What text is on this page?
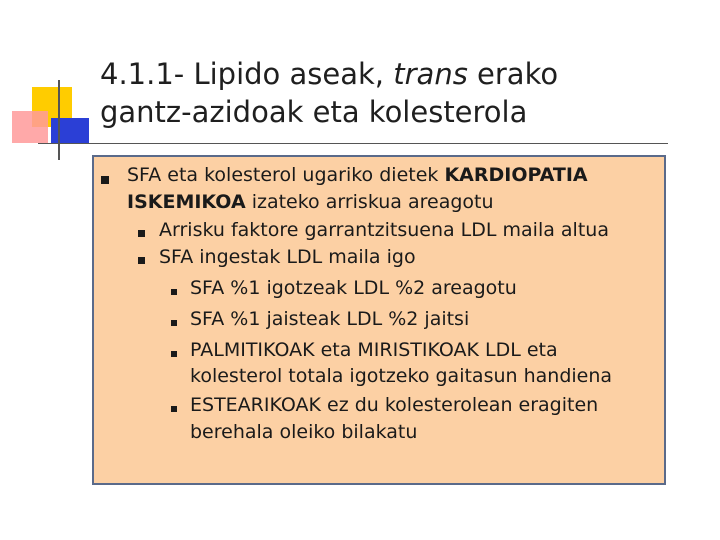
4.1.1- Lipido aseak, trans erako
gantz-azidoak eta kolesterola

SFA eta kolesterol ugariko dietek KARDIOPATIA

ISKEMIKOA izateko arriskua areagotu

Arrisku faktore garrantzitsuena LDL maila altua

SFA ingestak LDL maila igo

SFA %1 igotzeak LDL %2 areagotu

SFA %1 jaisteak LDL %2 jaitsi

PALMITIKOAK eta MIRISTIKOAK LDL eta

kolesterol totala igotzeko gaitasun handiena

ESTEARIKOAK ez du kolesterolean eragiten

berehala oleiko bilakatu
